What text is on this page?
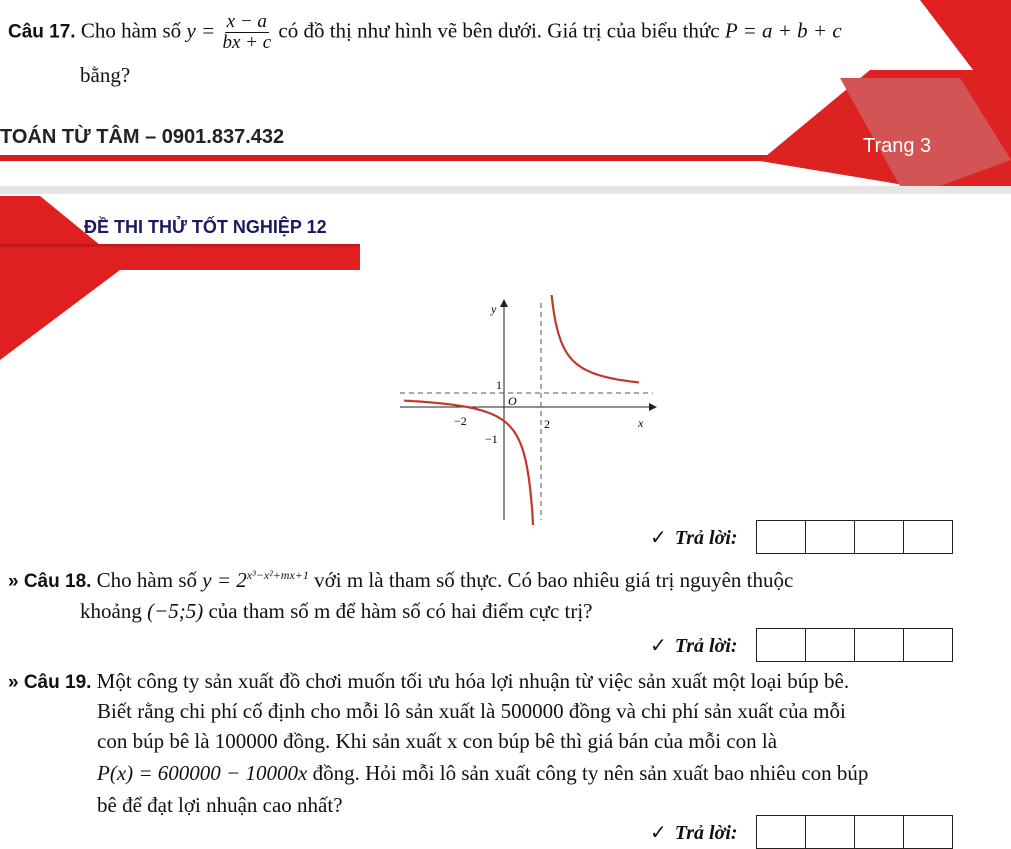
Câu 17. Cho hàm số $y = \frac{x - a}{bx + c}$ có đồ thị như hình vẽ bên dưới. Giá trị của biểu thức P = a + b + c
bằng?
TOÁN TỪ TÂM – 0901.837.432	Trang 3
ĐỀ THI THỬ TỐT NGHIỆP 12
y
x
O
1
−1
−2	2
✓ Trả lời:
» Câu 18. Cho hàm số $y = 2^{x^3-x^2+mx+1}$ với m là tham số thực. Có bao nhiêu giá trị nguyên thuộc
khoảng (−5;5) của tham số m để hàm số có hai điểm cực trị?
✓ Trả lời:
» Câu 19. Một công ty sản xuất đồ chơi muốn tối ưu hóa lợi nhuận từ việc sản xuất một loại búp bê.
Biết rằng chi phí cố định cho mỗi lô sản xuất là 500000 đồng và chi phí sản xuất của mỗi
con búp bê là 100000 đồng. Khi sản xuất x con búp bê thì giá bán của mỗi con là
P(x) = 600000 − 10000x đồng. Hỏi mỗi lô sản xuất công ty nên sản xuất bao nhiêu con búp
bê để đạt lợi nhuận cao nhất?
✓ Trả lời:
